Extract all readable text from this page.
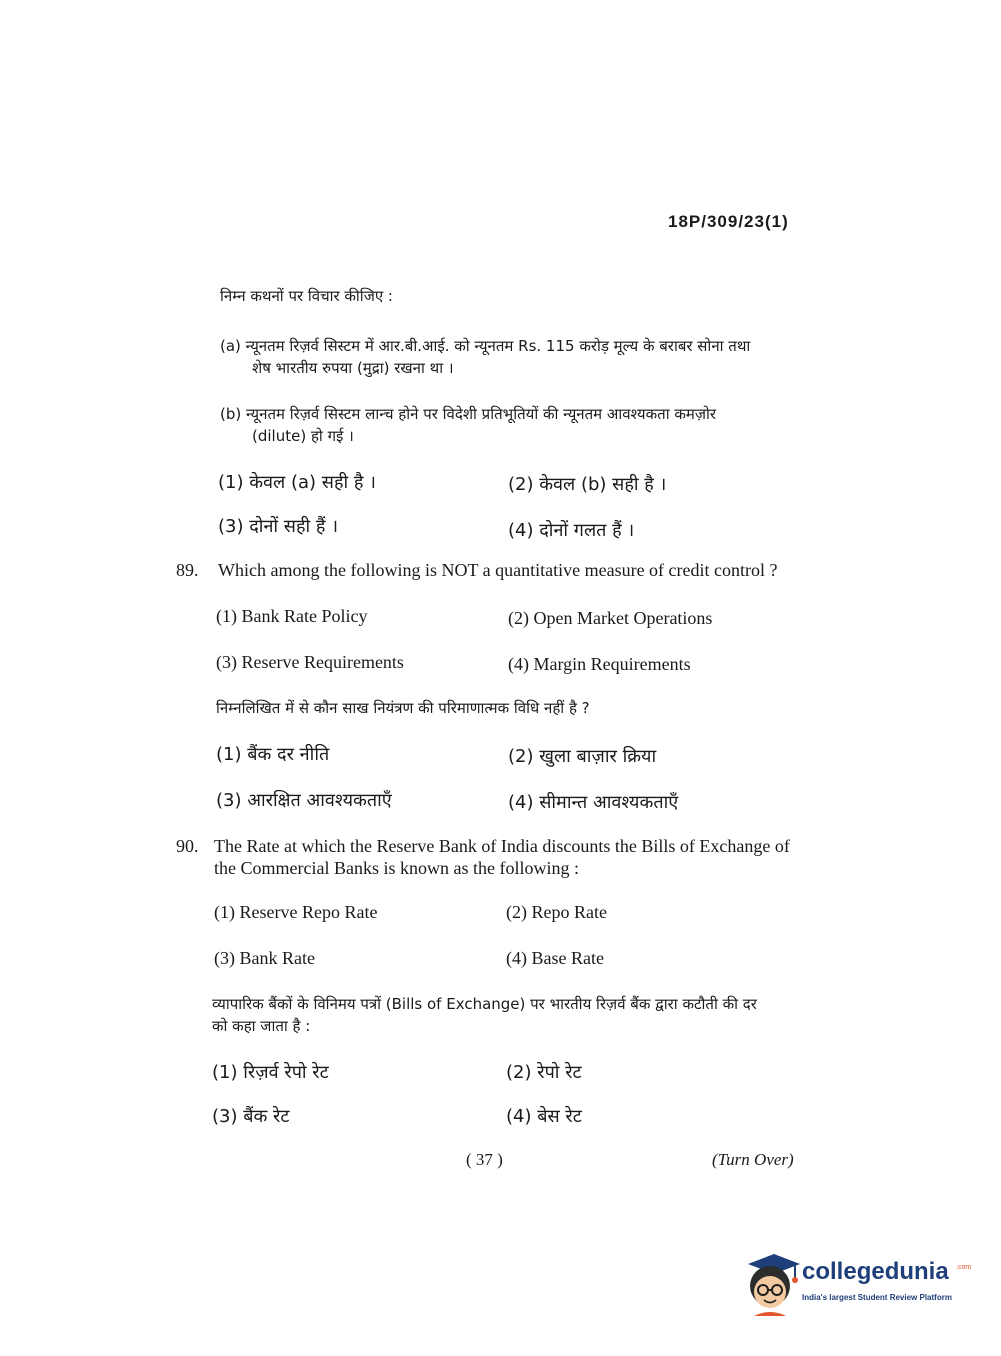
18P/309/23(1)
निम्न कथनों पर विचार कीजिए :
(a) न्यूनतम रिज़र्व सिस्टम में आर.बी.आई. को न्यूनतम Rs. 115 करोड़ मूल्य के बराबर सोना तथा
शेष भारतीय रुपया (मुद्रा) रखना था ।
(b) न्यूनतम रिज़र्व सिस्टम लान्च होने पर विदेशी प्रतिभूतियों की न्यूनतम आवश्यकता कमज़ोर
(dilute) हो गई ।
(1) केवल (a) सही है ।	(2) केवल (b) सही है ।
(3) दोनों सही हैं ।	(4) दोनों गलत हैं ।
89. Which among the following is NOT a quantitative measure of credit control ?
(1) Bank Rate Policy	(2) Open Market Operations
(3) Reserve Requirements	(4) Margin Requirements
निम्नलिखित में से कौन साख नियंत्रण की परिमाणात्मक विधि नहीं है ?
(1) बैंक दर नीति	(2) खुला बाज़ार क्रिया
(3) आरक्षित आवश्यकताएँ	(4) सीमान्त आवश्यकताएँ
90. The Rate at which the Reserve Bank of India discounts the Bills of Exchange of
the Commercial Banks is known as the following :
(1) Reserve Repo Rate	(2) Repo Rate
(3) Bank Rate	(4) Base Rate
व्यापारिक बैंकों के विनिमय पत्रों (Bills of Exchange) पर भारतीय रिज़र्व बैंक द्वारा कटौती की दर
को कहा जाता है :
(1) रिज़र्व रेपो रेट	(2) रेपो रेट
(3) बैंक रेट	(4) बेस रेट
( 37 )	(Turn Over)
collegedunia .com
India's largest Student Review Platform
